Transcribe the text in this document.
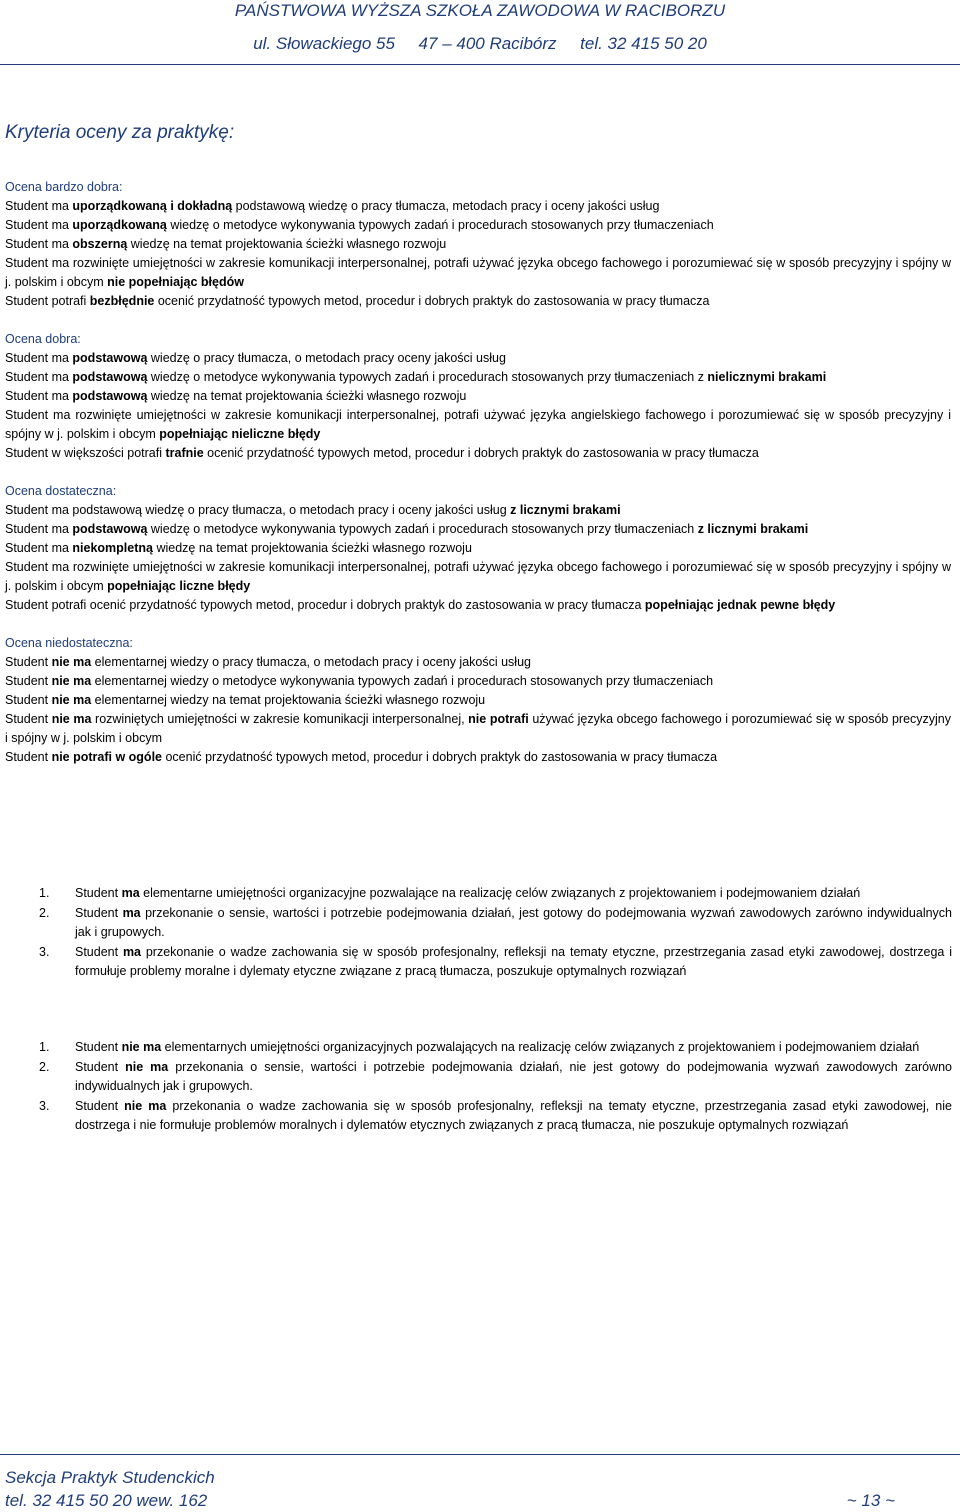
PAŃSTWOWA WYŻSZA SZKOŁA ZAWODOWA W RACIBORZU
ul. Słowackiego 55     47 – 400 Racibórz     tel. 32 415 50 20
Kryteria oceny za praktykę:

Ocena bardzo dobra:

Student ma uporządkowaną i dokładną podstawową wiedzę o pracy tłumacza, metodach pracy i oceny jakości usług

Student ma uporządkowaną wiedzę o metodyce wykonywania typowych zadań i procedurach stosowanych przy tłumaczeniach

Student ma obszerną wiedzę na temat projektowania ścieżki własnego rozwoju

Student ma rozwinięte umiejętności w zakresie komunikacji interpersonalnej, potrafi używać języka obcego fachowego i porozumiewać się w sposób precyzyjny i spójny w j. polskim i obcym nie popełniając błędów

Student potrafi bezbłędnie ocenić przydatność typowych metod, procedur i dobrych praktyk do zastosowania w pracy tłumacza

Ocena dobra:

Student ma podstawową wiedzę o pracy tłumacza, o metodach pracy oceny jakości usług

Student ma podstawową wiedzę o metodyce wykonywania typowych zadań i procedurach stosowanych przy tłumaczeniach z nielicznymi brakami

Student ma podstawową wiedzę na temat projektowania ścieżki własnego rozwoju

Student ma rozwinięte umiejętności w zakresie komunikacji interpersonalnej, potrafi używać języka angielskiego fachowego i porozumiewać się w sposób precyzyjny i spójny w j. polskim i obcym popełniając nieliczne błędy

Student w większości potrafi trafnie ocenić przydatność typowych metod, procedur i dobrych praktyk do zastosowania w pracy tłumacza

Ocena dostateczna:

Student ma podstawową wiedzę o pracy tłumacza, o metodach pracy i oceny jakości usług z licznymi brakami

Student ma podstawową wiedzę o metodyce wykonywania typowych zadań i procedurach stosowanych przy tłumaczeniach z licznymi brakami

Student ma niekompletną wiedzę na temat projektowania ścieżki własnego rozwoju

Student ma rozwinięte umiejętności w zakresie komunikacji interpersonalnej, potrafi używać języka obcego fachowego i porozumiewać się w sposób precyzyjny i spójny w j. polskim i obcym popełniając liczne błędy

Student potrafi ocenić przydatność typowych metod, procedur i dobrych praktyk do zastosowania w pracy tłumacza popełniając jednak pewne błędy

Ocena niedostateczna:

Student nie ma elementarnej wiedzy o pracy tłumacza, o metodach pracy i oceny jakości usług

Student nie ma elementarnej wiedzy o metodyce wykonywania typowych zadań i procedurach stosowanych przy tłumaczeniach

Student nie ma elementarnej wiedzy na temat projektowania ścieżki własnego rozwoju

Student nie ma rozwiniętych umiejętności w zakresie komunikacji interpersonalnej, nie potrafi używać języka obcego fachowego i porozumiewać się w sposób precyzyjny i spójny w j. polskim i obcym

Student nie potrafi w ogóle ocenić przydatność typowych metod, procedur i dobrych praktyk do zastosowania w pracy tłumacza

1. Student ma elementarne umiejętności organizacyjne pozwalające na realizację celów związanych z projektowaniem i podejmowaniem działań
2. Student ma przekonanie o sensie, wartości i potrzebie podejmowania działań, jest gotowy do podejmowania wyzwań zawodowych zarówno indywidualnych jak i grupowych.
3. Student ma przekonanie o wadze zachowania się w sposób profesjonalny, refleksji na tematy etyczne, przestrzegania zasad etyki zawodowej, dostrzega i formułuje problemy moralne i dylematy etyczne związane z pracą tłumacza, poszukuje optymalnych rozwiązań
1. Student nie ma elementarnych umiejętności organizacyjnych pozwalających na realizację celów związanych z projektowaniem i podejmowaniem działań
2. Student nie ma przekonania o sensie, wartości i potrzebie podejmowania działań, nie jest gotowy do podejmowania wyzwań zawodowych zarówno indywidualnych jak i grupowych.
3. Student nie ma przekonania o wadze zachowania się w sposób profesjonalny, refleksji na tematy etyczne, przestrzegania zasad etyki zawodowej, nie dostrzega i nie formułuje problemów moralnych i dylematów etycznych związanych z pracą tłumacza, nie poszukuje optymalnych rozwiązań
Sekcja Praktyk Studenckich
tel. 32 415 50 20 wew. 162	~ 13 ~
